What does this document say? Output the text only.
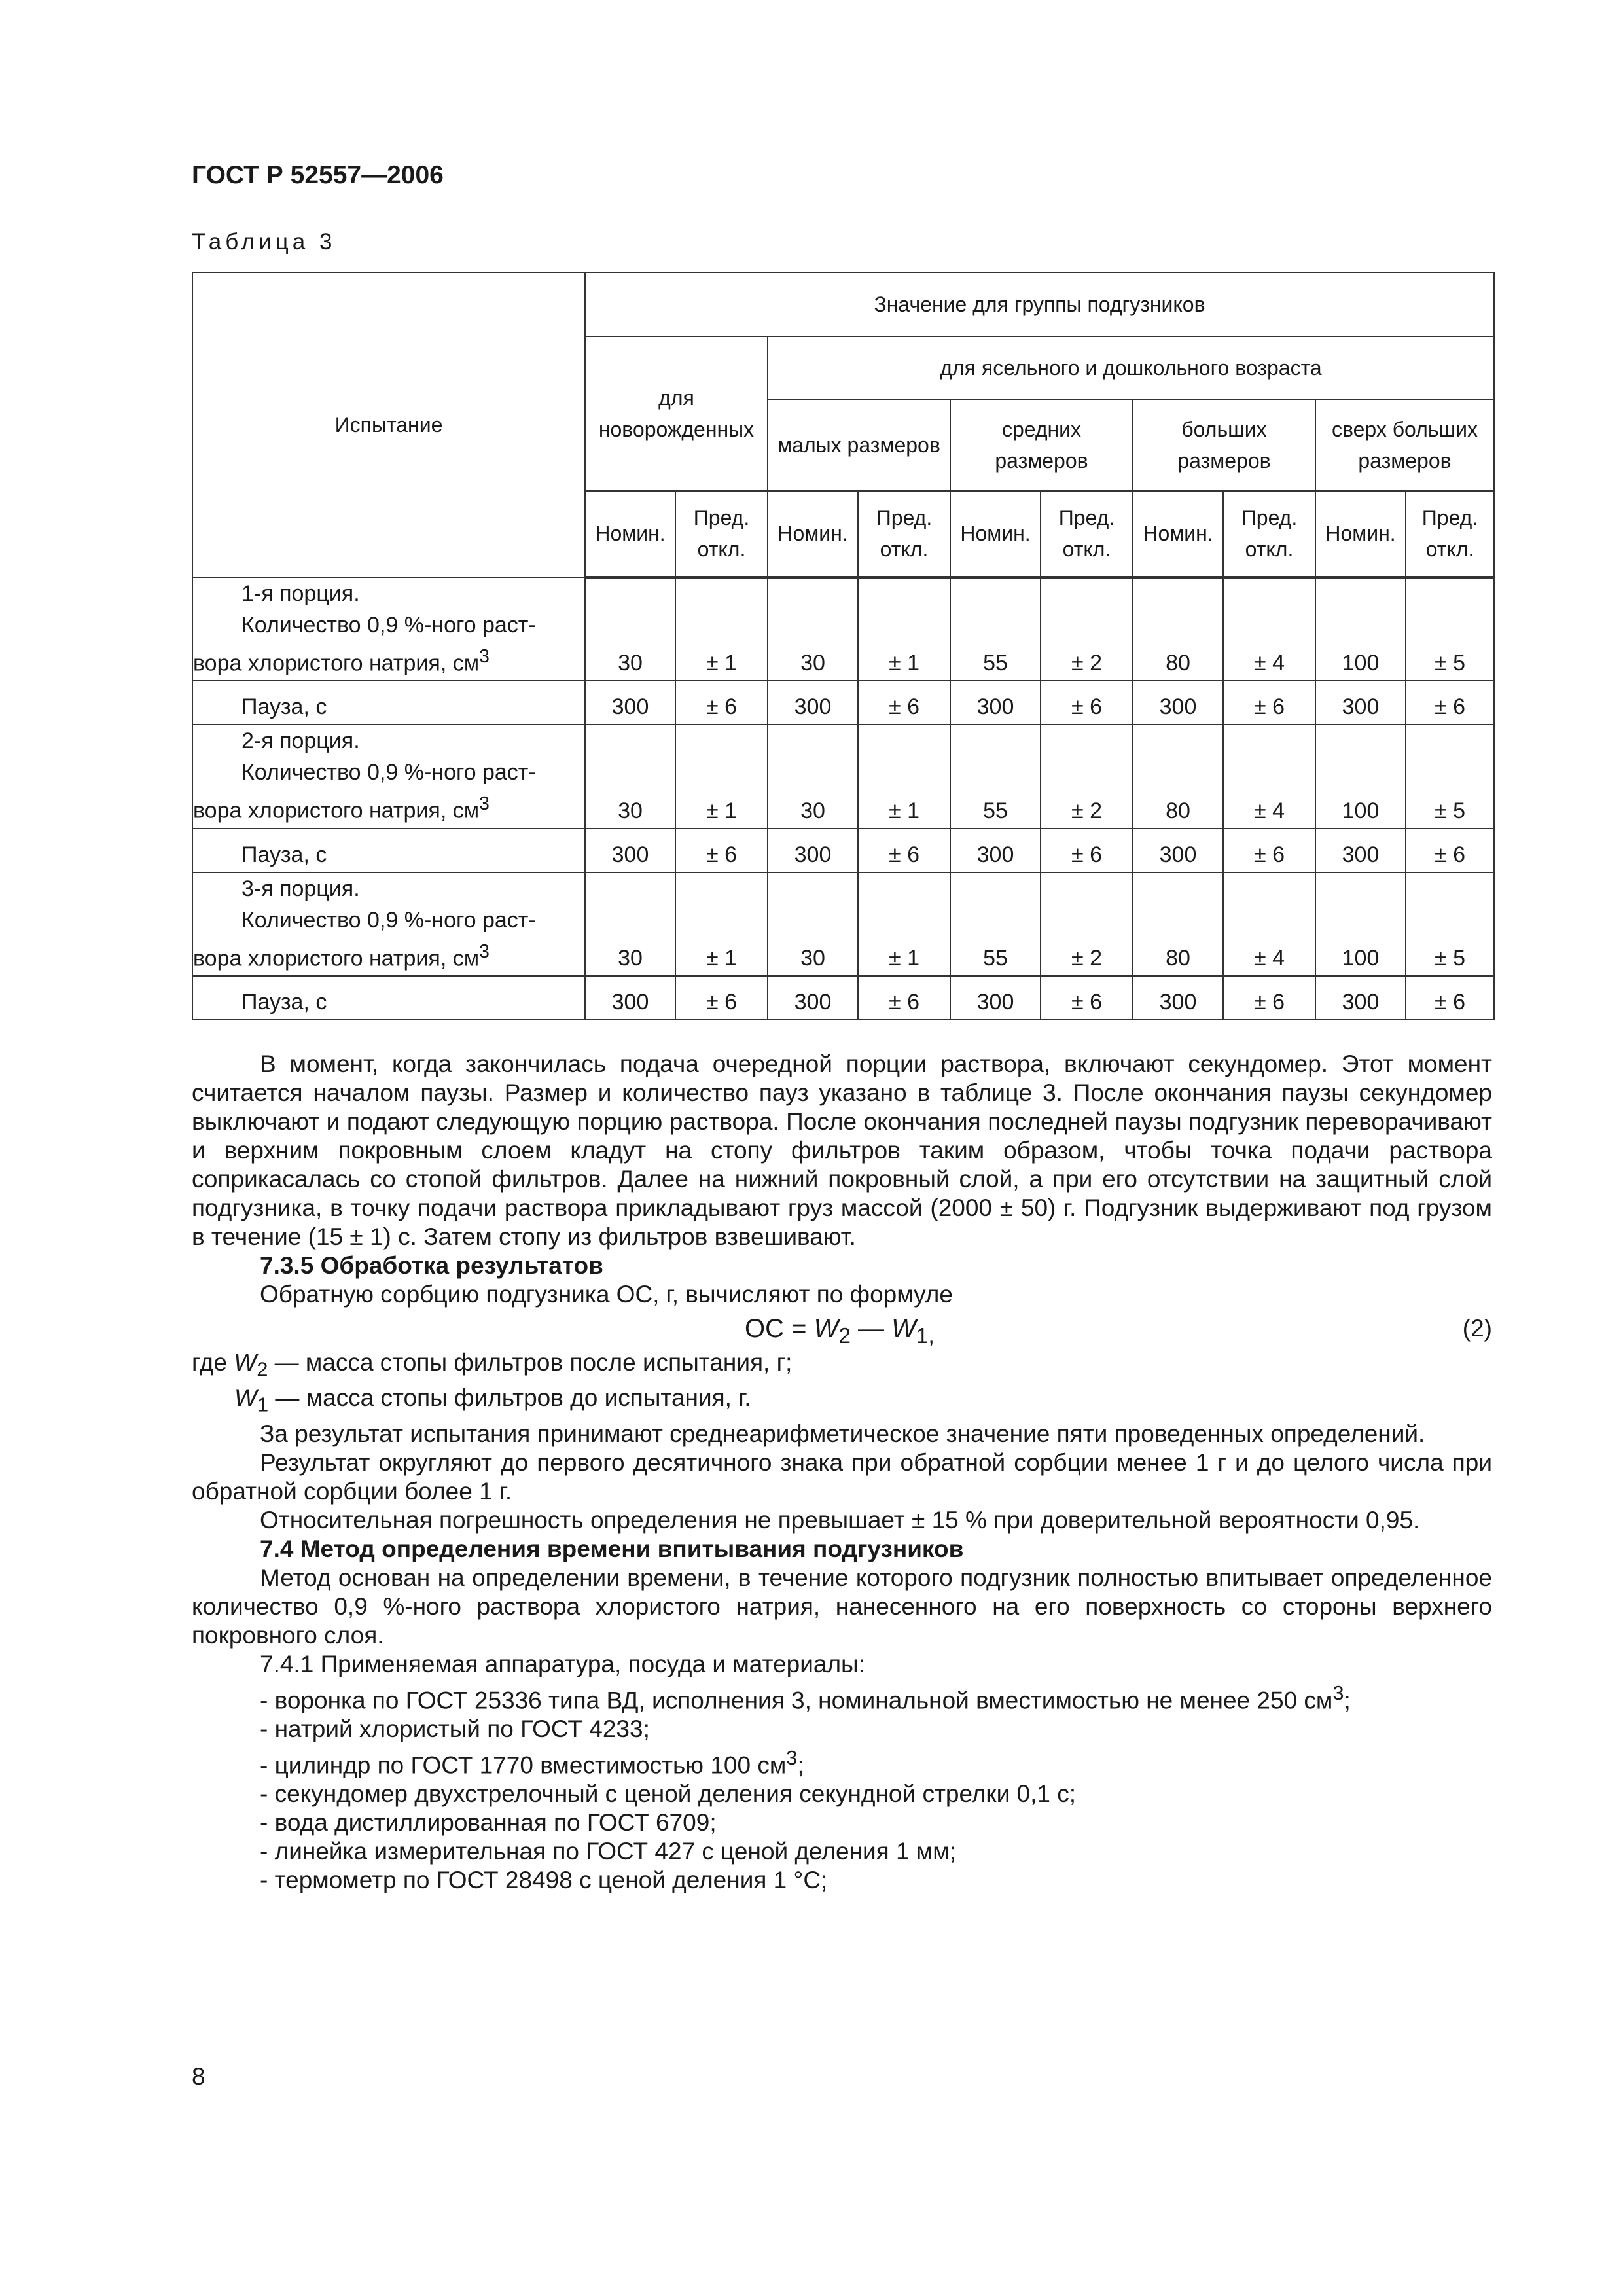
ГОСТ Р 52557—2006
Таблица 3
Испытание	Значение для группы подгузников									
	для новорожденных		для ясельного и дошкольного возраста							
			малых размеров		средних размеров		больших размеров		сверх больших размеров	
	Номин.	Пред. откл.	Номин.	Пред. откл.	Номин.	Пред. откл.	Номин.	Пред. откл.	Номин.	Пред. откл.

1-я порция.
Количество 0,9 %-ного раст-
вора хлористого натрия, $см^3$	30	± 1	30	± 1	55	± 2	80	± 4	100	± 5
Пауза, с	300	± 6	300	± 6	300	± 6	300	± 6	300	± 6

2-я порция.
Количество 0,9 %-ного раст-
вора хлористого натрия, $см^3$	30	± 1	30	± 1	55	± 2	80	± 4	100	± 5
Пауза, с	300	± 6	300	± 6	300	± 6	300	± 6	300	± 6

3-я порция.
Количество 0,9 %-ного раст-
вора хлористого натрия, $см^3$	30	± 1	30	± 1	55	± 2	80	± 4	100	± 5
Пауза, с	300	± 6	300	± 6	300	± 6	300	± 6	300	± 6

В момент, когда закончилась подача очередной порции раствора, включают секундомер. Этот момент считается началом паузы. Размер и количество пауз указано в таблице 3. После окончания паузы секундомер выключают и подают следующую порцию раствора. После окончания последней паузы подгузник переворачивают и верхним покровным слоем кладут на стопу фильтров таким образом, чтобы точка подачи раствора соприкасалась со стопой фильтров. Далее на нижний покровный слой, а при его отсутствии на защитный слой подгузника, в точку подачи раствора прикладывают груз массой (2000 ± 50) г. Подгузник выдерживают под грузом в течение (15 ± 1) с. Затем стопу из фильтров взвешивают.

7.3.5 Обработка результатов

Обратную сорбцию подгузника ОС, г, вычисляют по формуле

ОС = $W_2$ — $W_{1,}$	(2)

где $W_2$ — масса стопы фильтров после испытания, г;

$W_1$ — масса стопы фильтров до испытания, г.

За результат испытания принимают среднеарифметическое значение пяти проведенных определений.

Результат округляют до первого десятичного знака при обратной сорбции менее 1 г и до целого числа при обратной сорбции более 1 г.

Относительная погрешность определения не превышает ± 15 % при доверительной вероятности 0,95.

7.4 Метод определения времени впитывания подгузников

Метод основан на определении времени, в течение которого подгузник полностью впитывает определенное количество 0,9 %-ного раствора хлористого натрия, нанесенного на его поверхность со стороны верхнего покровного слоя.

7.4.1 Применяемая аппаратура, посуда и материалы:

- воронка по ГОСТ 25336 типа ВД, исполнения 3, номинальной вместимостью не менее 250 $см^3$;

- натрий хлористый по ГОСТ 4233;

- цилиндр по ГОСТ 1770 вместимостью 100 $см^3$;

- секундомер двухстрелочный с ценой деления секундной стрелки 0,1 с;

- вода дистиллированная по ГОСТ 6709;

- линейка измерительная по ГОСТ 427 с ценой деления 1 мм;

- термометр по ГОСТ 28498 с ценой деления 1 °С;

8
